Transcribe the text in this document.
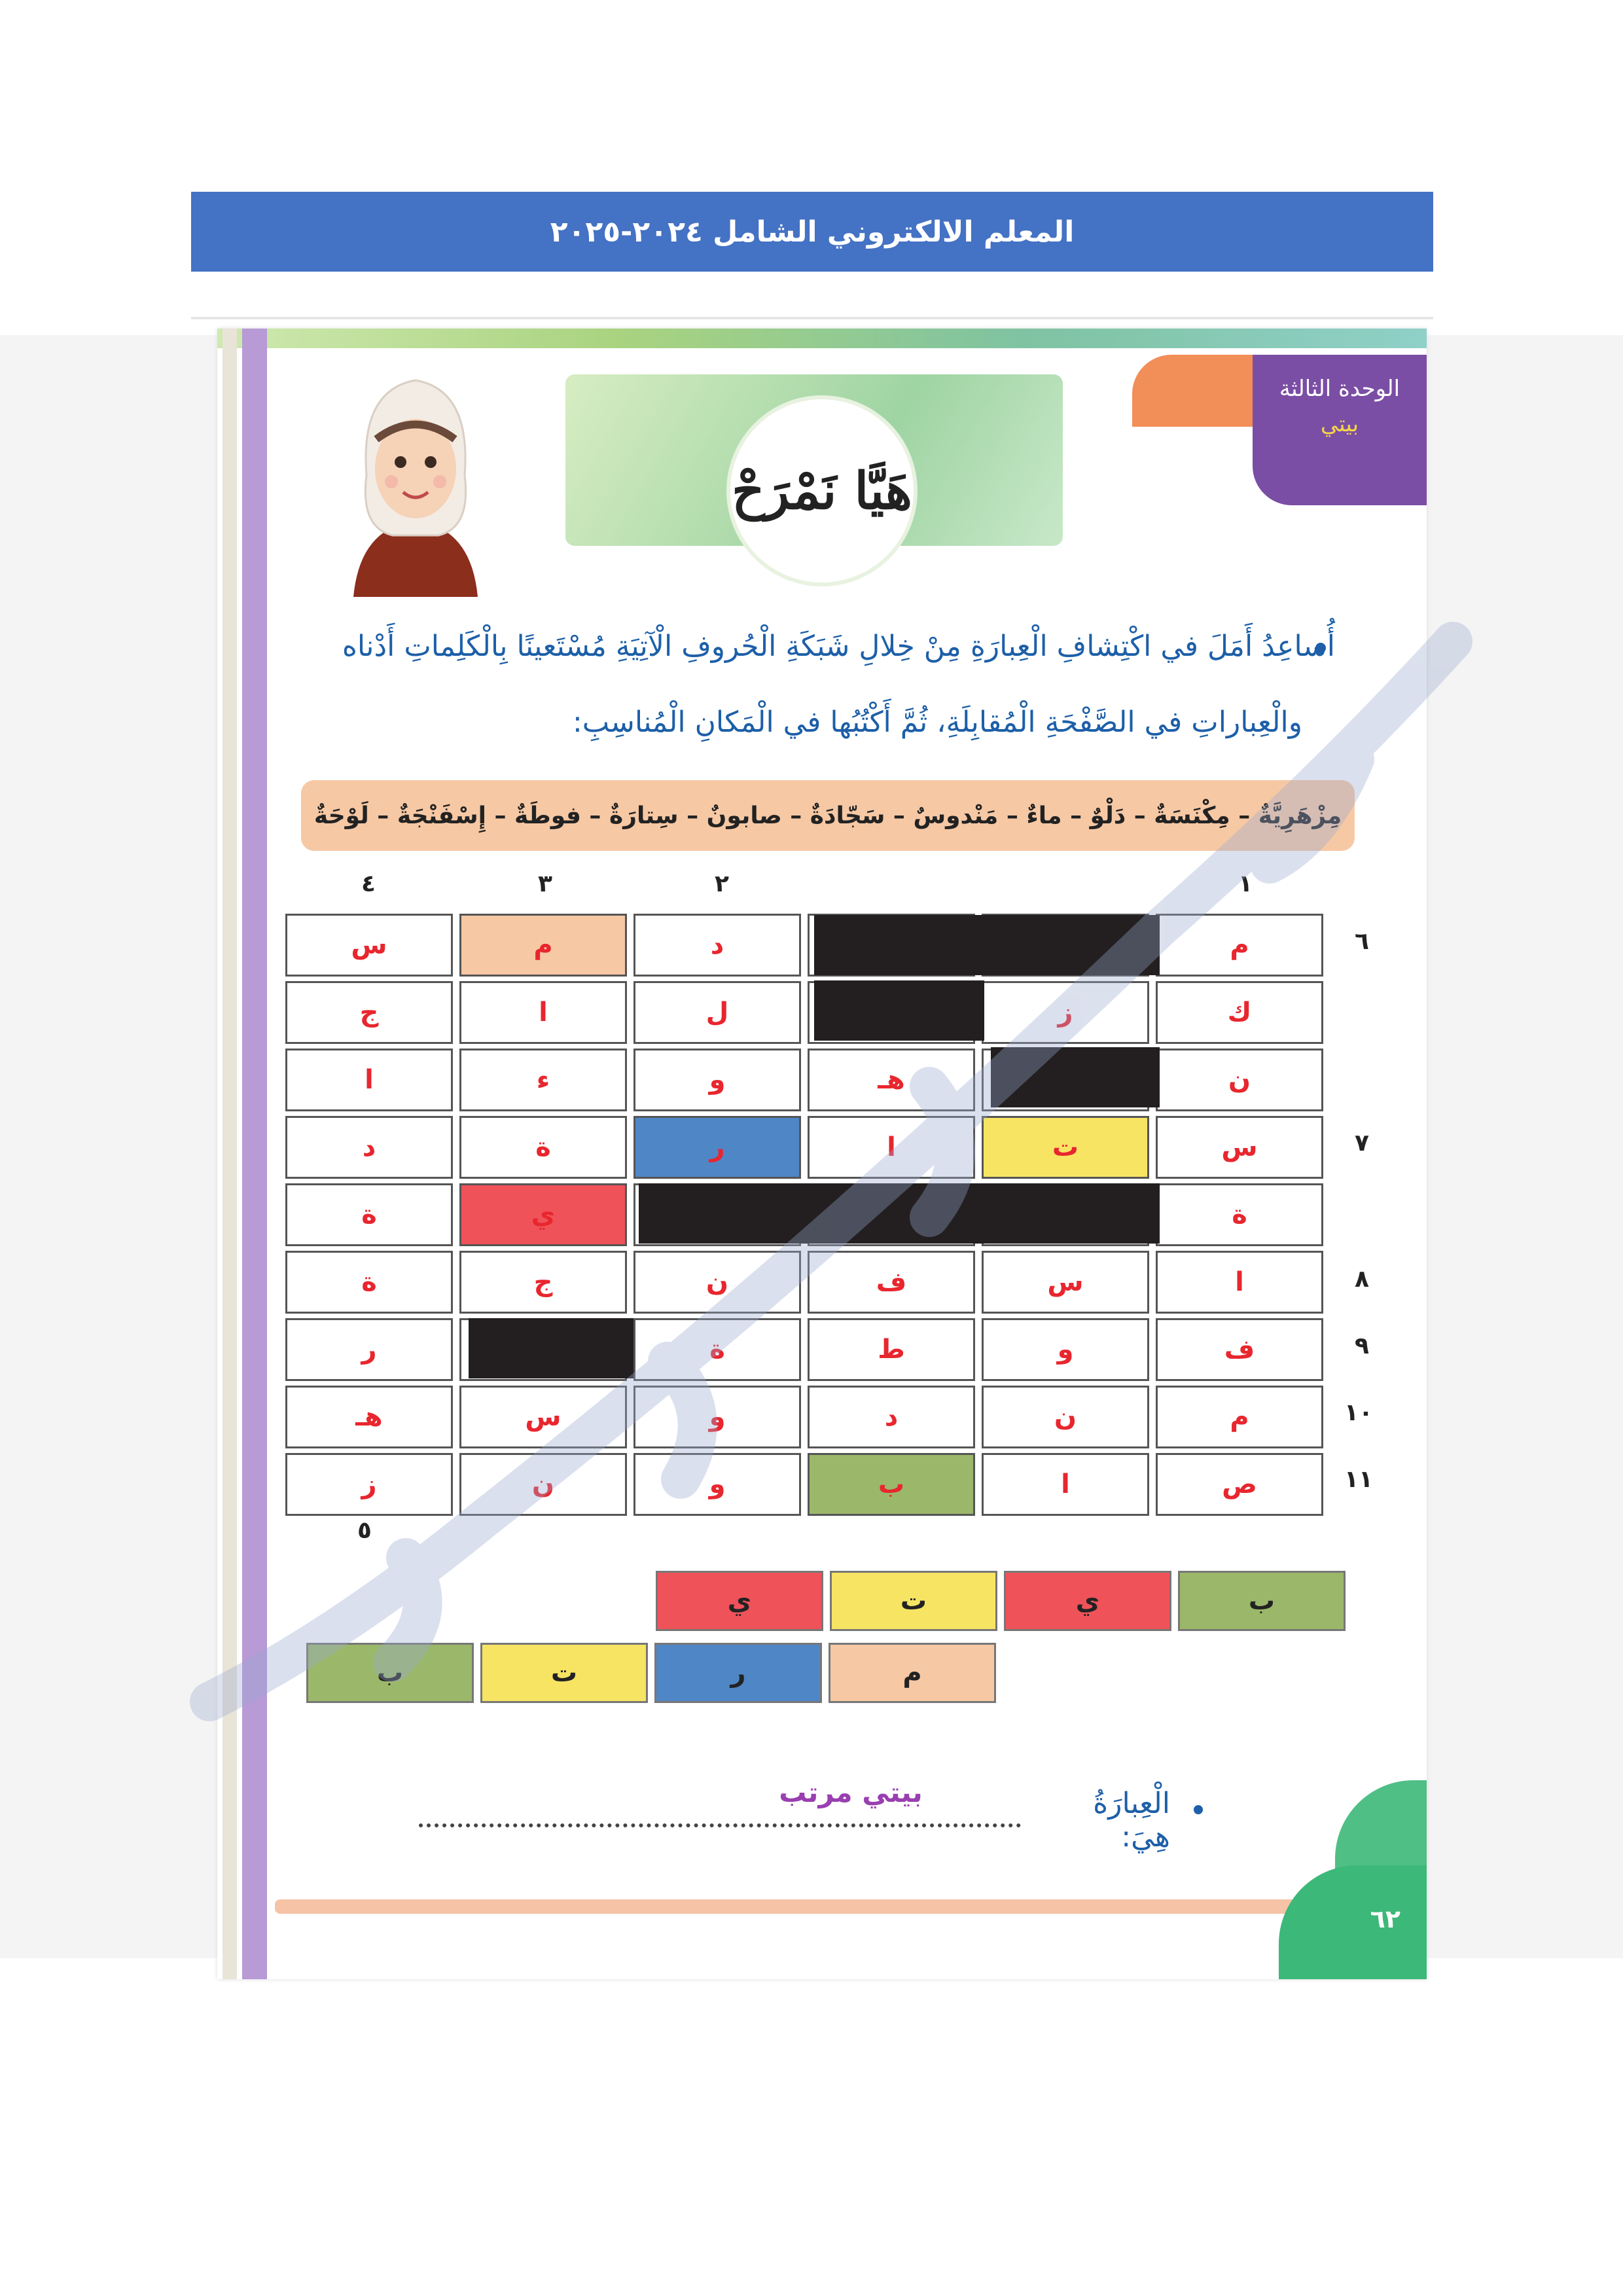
المعلم الالكتروني الشامل ٢٠٢٤-٢٠٢٥
الوحدة الثالثة
بيتي
هَيَّا نَمْرَحْ
أُساعِدُ أَمَلَ في اكْتِشافِ الْعِبارَةِ مِنْ خِلالِ شَبَكَةِ الْحُروفِ الْآتِيَةِ مُسْتَعينًا بِالْكَلِماتِ أَدْناه
والْعِباراتِ في الصَّفْحَةِ الْمُقابِلَةِ، ثُمَّ أَكْتُبُها في الْمَكانِ الْمُناسِبِ:
مِزْهَرِيَّةٌ – مِكْنَسَةٌ – دَلْوٌ – ماءٌ – مَنْدوسٌ – سَجّادَةٌ – صابونٌ – سِتارَةٌ – فوطَةٌ – إِسْفَنْجَةٌ – لَوْحَةٌ
١
٢
٣
٤
٦
٧
٨
٩
١٠
١١
٥
م
د
م
س
ك
ز
ل
ا
ج
ن
هـ
و
ء
ا
س
ت
ا
ر
ة
د
ة
ي
ة
ا
س
ف
ن
ج
ة
ف
و
ط
ة
ر
م
ن
د
و
س
هـ
ص
ا
ب
و
ن
ز
ب
ي
ت
ي
م
ر
ت
ب
الْعِبارَةُ هِيَ:
بيتي مرتب
٦٢
